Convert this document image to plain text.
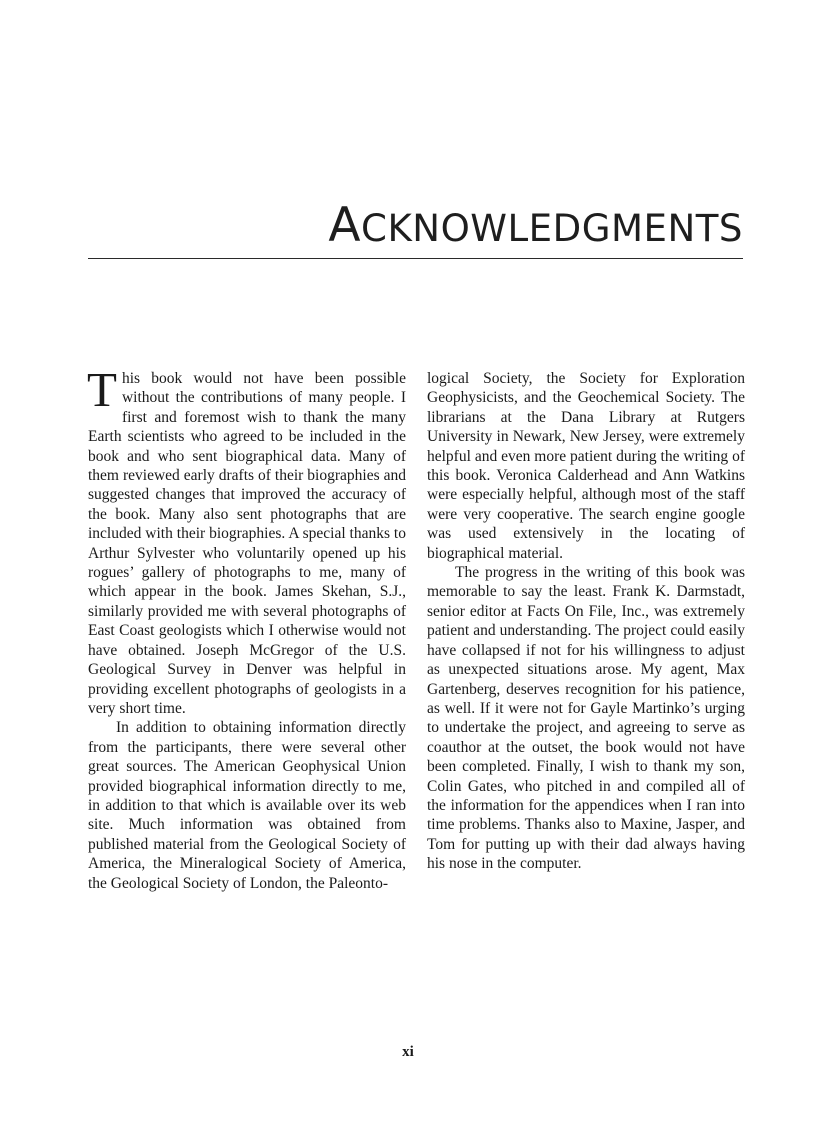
ACKNOWLEDGMENTS

This book would not have been possible without the contributions of many people. I first and foremost wish to thank the many Earth scientists who agreed to be included in the book and who sent biographical data. Many of them reviewed early drafts of their biographies and suggested changes that improved the accuracy of the book. Many also sent photographs that are included with their biographies. A special thanks to Arthur Sylvester who voluntarily opened up his rogues’ gallery of photographs to me, many of which appear in the book. James Skehan, S.J., similarly provided me with several photographs of East Coast geologists which I otherwise would not have obtained. Joseph McGregor of the U.S. Geological Survey in Denver was helpful in providing excellent photographs of geologists in a very short time.

In addition to obtaining information directly from the participants, there were several other great sources. The American Geophysical Union provided biographical information directly to me, in addition to that which is available over its web site. Much information was obtained from published material from the Geological Society of America, the Mineralogical Society of America, the Geological Society of London, the Paleonto-

logical Society, the Society for Exploration Geophysicists, and the Geochemical Society. The librarians at the Dana Library at Rutgers University in Newark, New Jersey, were extremely helpful and even more patient during the writing of this book. Veronica Calderhead and Ann Watkins were especially helpful, although most of the staff were very cooperative. The search engine google was used extensively in the locating of biographical material.

The progress in the writing of this book was memorable to say the least. Frank K. Darmstadt, senior editor at Facts On File, Inc., was extremely patient and understanding. The project could easily have collapsed if not for his willingness to adjust as unexpected situations arose. My agent, Max Gartenberg, deserves recognition for his patience, as well. If it were not for Gayle Martinko’s urging to undertake the project, and agreeing to serve as coauthor at the outset, the book would not have been completed. Finally, I wish to thank my son, Colin Gates, who pitched in and compiled all of the information for the appendices when I ran into time problems. Thanks also to Maxine, Jasper, and Tom for putting up with their dad always having his nose in the computer.

xi
